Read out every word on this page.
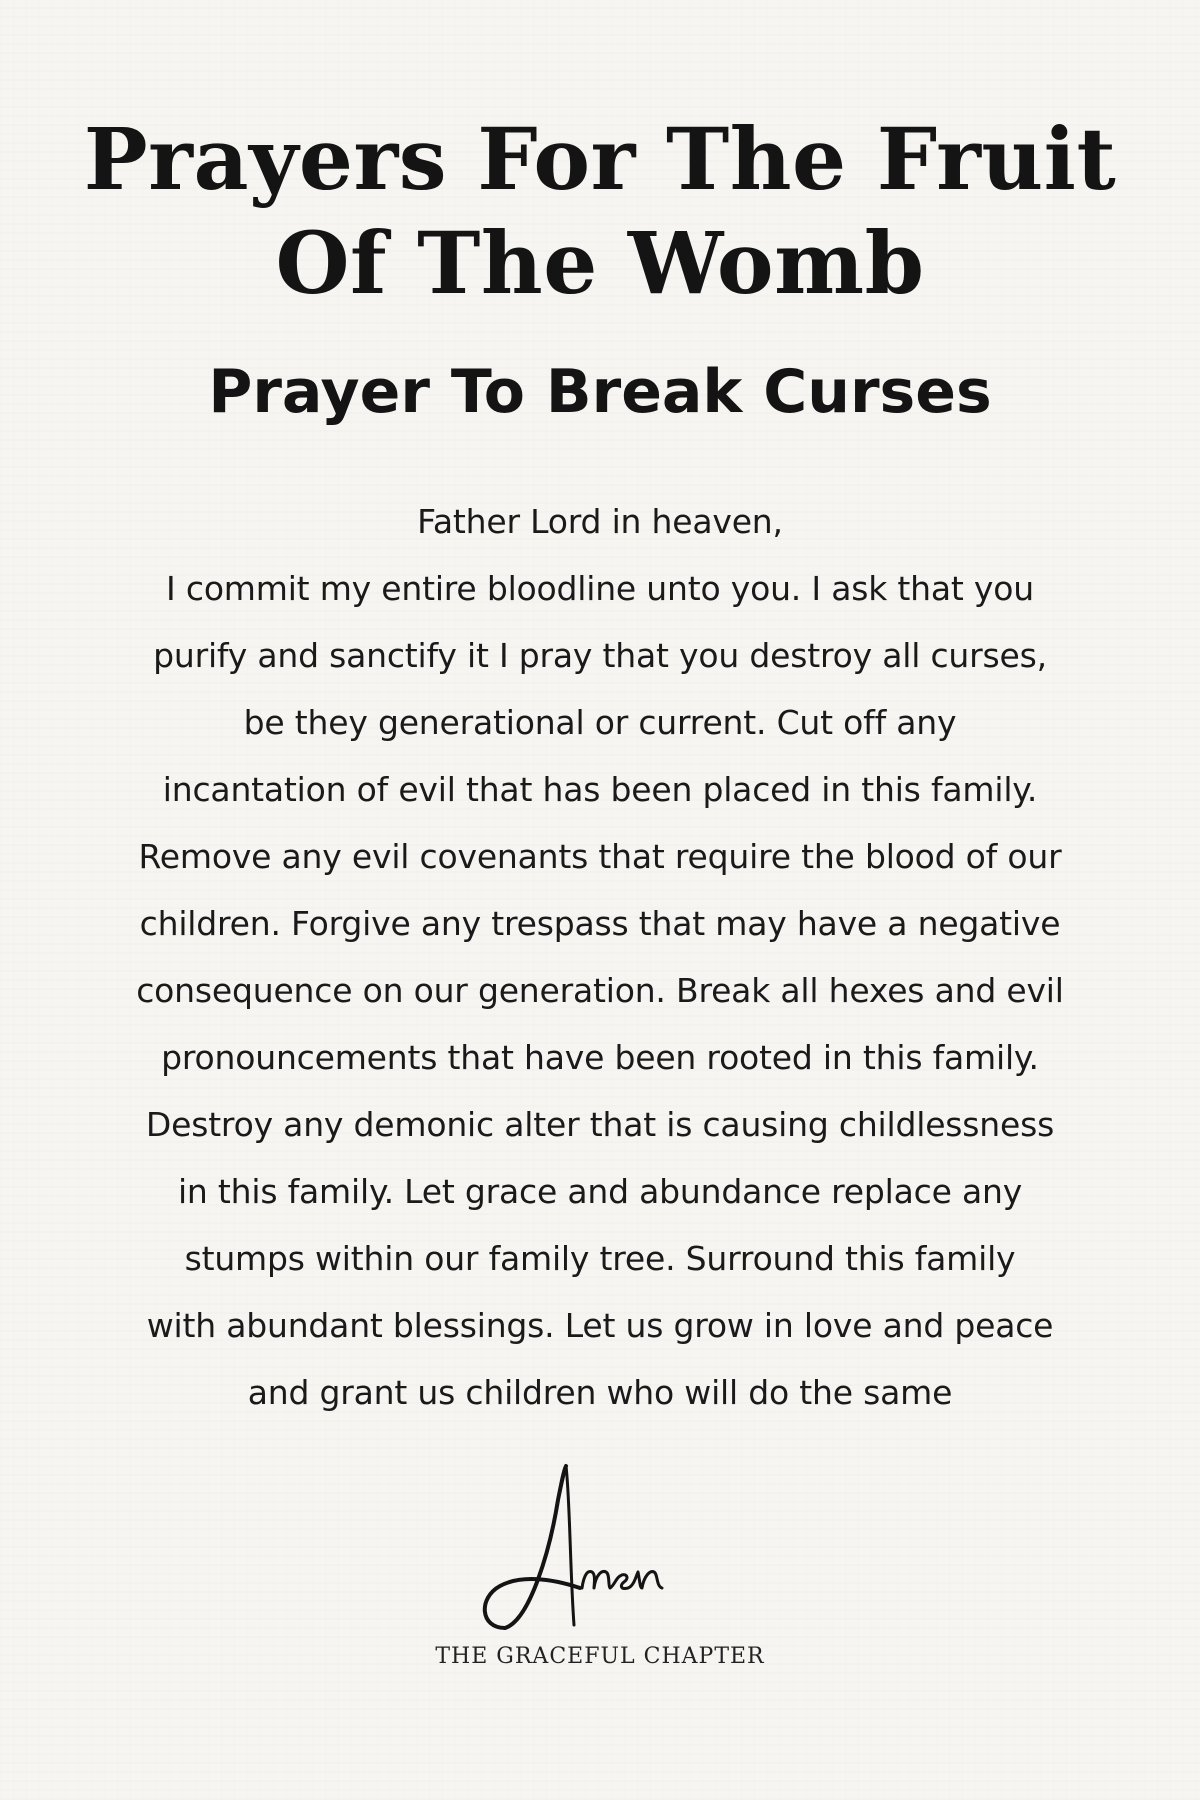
Prayers For The Fruit
Of The Womb
Prayer To Break Curses
Father Lord in heaven,
I commit my entire bloodline unto you. I ask that you
purify and sanctify it I pray that you destroy all curses,
be they generational or current. Cut off any
incantation of evil that has been placed in this family.
Remove any evil covenants that require the blood of our
children. Forgive any trespass that may have a negative
consequence on our generation. Break all hexes and evil
pronouncements that have been rooted in this family.
Destroy any demonic alter that is causing childlessness
in this family. Let grace and abundance replace any
stumps within our family tree. Surround this family
with abundant blessings. Let us grow in love and peace
and grant us children who will do the same
THE GRACEFUL CHAPTER
